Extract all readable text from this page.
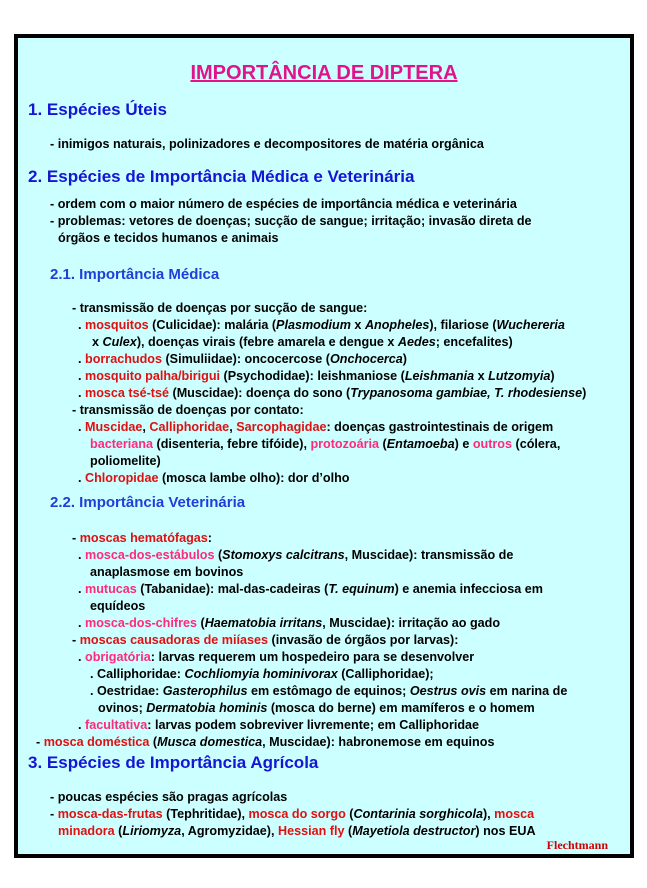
IMPORTÂNCIA DE DIPTERA
1. Espécies Úteis
- inimigos naturais, polinizadores e decompositores de matéria orgânica
2. Espécies de Importância Médica e Veterinária
- ordem com o maior número de espécies de importância médica e veterinária
- problemas: vetores de doenças; sucção de sangue; irritação; invasão direta de
órgãos e tecidos humanos e animais
2.1. Importância Médica
- transmissão de doenças por sucção de sangue:
. mosquitos (Culicidae): malária (Plasmodium x Anopheles), filariose (Wuchereria
x Culex), doenças virais (febre amarela e dengue x Aedes; encefalites)
. borrachudos (Simuliidae): oncocercose (Onchocerca)
. mosquito palha/birigui (Psychodidae): leishmaniose (Leishmania x Lutzomyia)
. mosca tsé-tsé (Muscidae): doença do sono (Trypanosoma gambiae, T. rhodesiense)
- transmissão de doenças por contato:
. Muscidae, Calliphoridae, Sarcophagidae: doenças gastrointestinais de origem
bacteriana (disenteria, febre tifóide), protozoária (Entamoeba) e outros (cólera,
poliomelite)
. Chloropidae (mosca lambe olho): dor d’olho
2.2. Importância Veterinária
- moscas hematófagas:
. mosca-dos-estábulos (Stomoxys calcitrans, Muscidae): transmissão de
anaplasmose em bovinos
. mutucas (Tabanidae): mal-das-cadeiras (T. equinum) e anemia infecciosa em
equídeos
. mosca-dos-chifres (Haematobia irritans, Muscidae): irritação ao gado
- moscas causadoras de miíases (invasão de órgãos por larvas):
. obrigatória: larvas requerem um hospedeiro para se desenvolver
. Calliphoridae: Cochliomyia hominivorax (Calliphoridae);
. Oestridae: Gasterophilus em estômago de equinos; Oestrus ovis em narina de
ovinos; Dermatobia hominis (mosca do berne) em mamíferos e o homem
. facultativa: larvas podem sobreviver livremente; em Calliphoridae
- mosca doméstica (Musca domestica, Muscidae): habronemose em equinos
3. Espécies de Importância Agrícola
- poucas espécies são pragas agrícolas
- mosca-das-frutas (Tephritidae), mosca do sorgo (Contarinia sorghicola), mosca
minadora (Liriomyza, Agromyzidae), Hessian fly (Mayetiola destructor) nos EUA
Flechtmann
